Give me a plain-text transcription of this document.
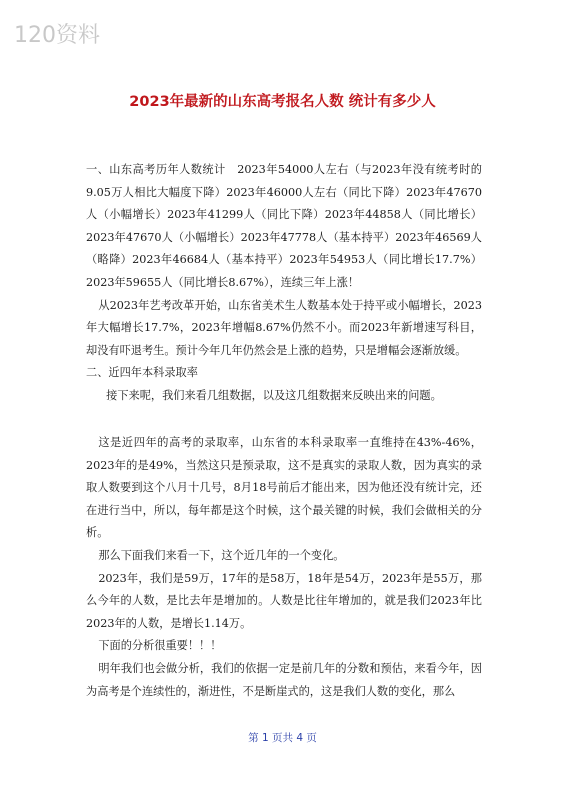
120资料
2023年最新的山东高考报名人数 统计有多少人

一、山东高考历年人数统计　2023年54000人左右（与2023年没有统考时的9.05万人相比大幅度下降）2023年46000人左右（同比下降）2023年47670人（小幅增长）2023年41299人（同比下降）2023年44858人（同比增长）2023年47670人（小幅增长）2023年47778人（基本持平）2023年46569人（略降）2023年46684人（基本持平）2023年54953人（同比增长17.7%）2023年59655人（同比增长8.67%），连续三年上涨！

从2023年艺考改革开始，山东省美术生人数基本处于持平或小幅增长，2023年大幅增长17.7%，2023年增幅8.67%仍然不小。而2023年新增速写科目，却没有吓退考生。预计今年几年仍然会是上涨的趋势，只是增幅会逐渐放缓。

二、近四年本科录取率

接下来呢，我们来看几组数据，以及这几组数据来反映出来的问题。

这是近四年的高考的录取率，山东省的本科录取率一直维持在43%-46%，2023年的是49%，当然这只是预录取，这不是真实的录取人数，因为真实的录取人数要到这个八月十几号，8月18号前后才能出来，因为他还没有统计完，还在进行当中，所以，每年都是这个时候，这个最关键的时候，我们会做相关的分析。

那么下面我们来看一下，这个近几年的一个变化。

2023年，我们是59万，17年的是58万，18年是54万，2023年是55万，那么今年的人数，是比去年是增加的。人数是比往年增加的，就是我们2023年比2023年的人数，是增长1.14万。

下面的分析很重要！！！

明年我们也会做分析，我们的依据一定是前几年的分数和预估，来看今年，因为高考是个连续性的，渐进性，不是断崖式的，这是我们人数的变化，那么

第 1 页共 4 页
